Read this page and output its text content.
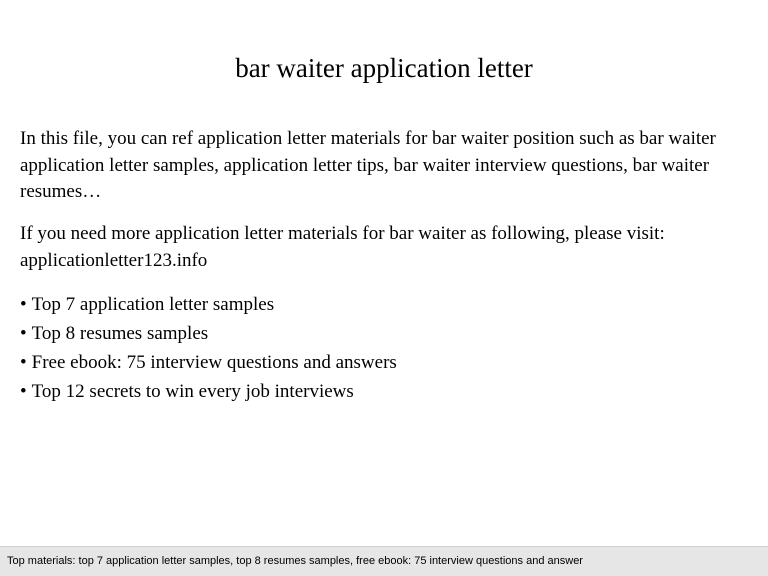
bar waiter application letter
In this file, you can ref application letter materials for bar waiter position such as bar waiter application letter samples, application letter tips, bar waiter interview questions, bar waiter resumes…
If you need more application letter materials for bar waiter as following, please visit: applicationletter123.info
• Top 7 application letter samples
• Top 8 resumes samples
• Free ebook: 75 interview questions and answers
• Top 12 secrets to win every job interviews
Top materials: top 7 application letter samples, top 8 resumes samples, free ebook: 75 interview questions and answer
